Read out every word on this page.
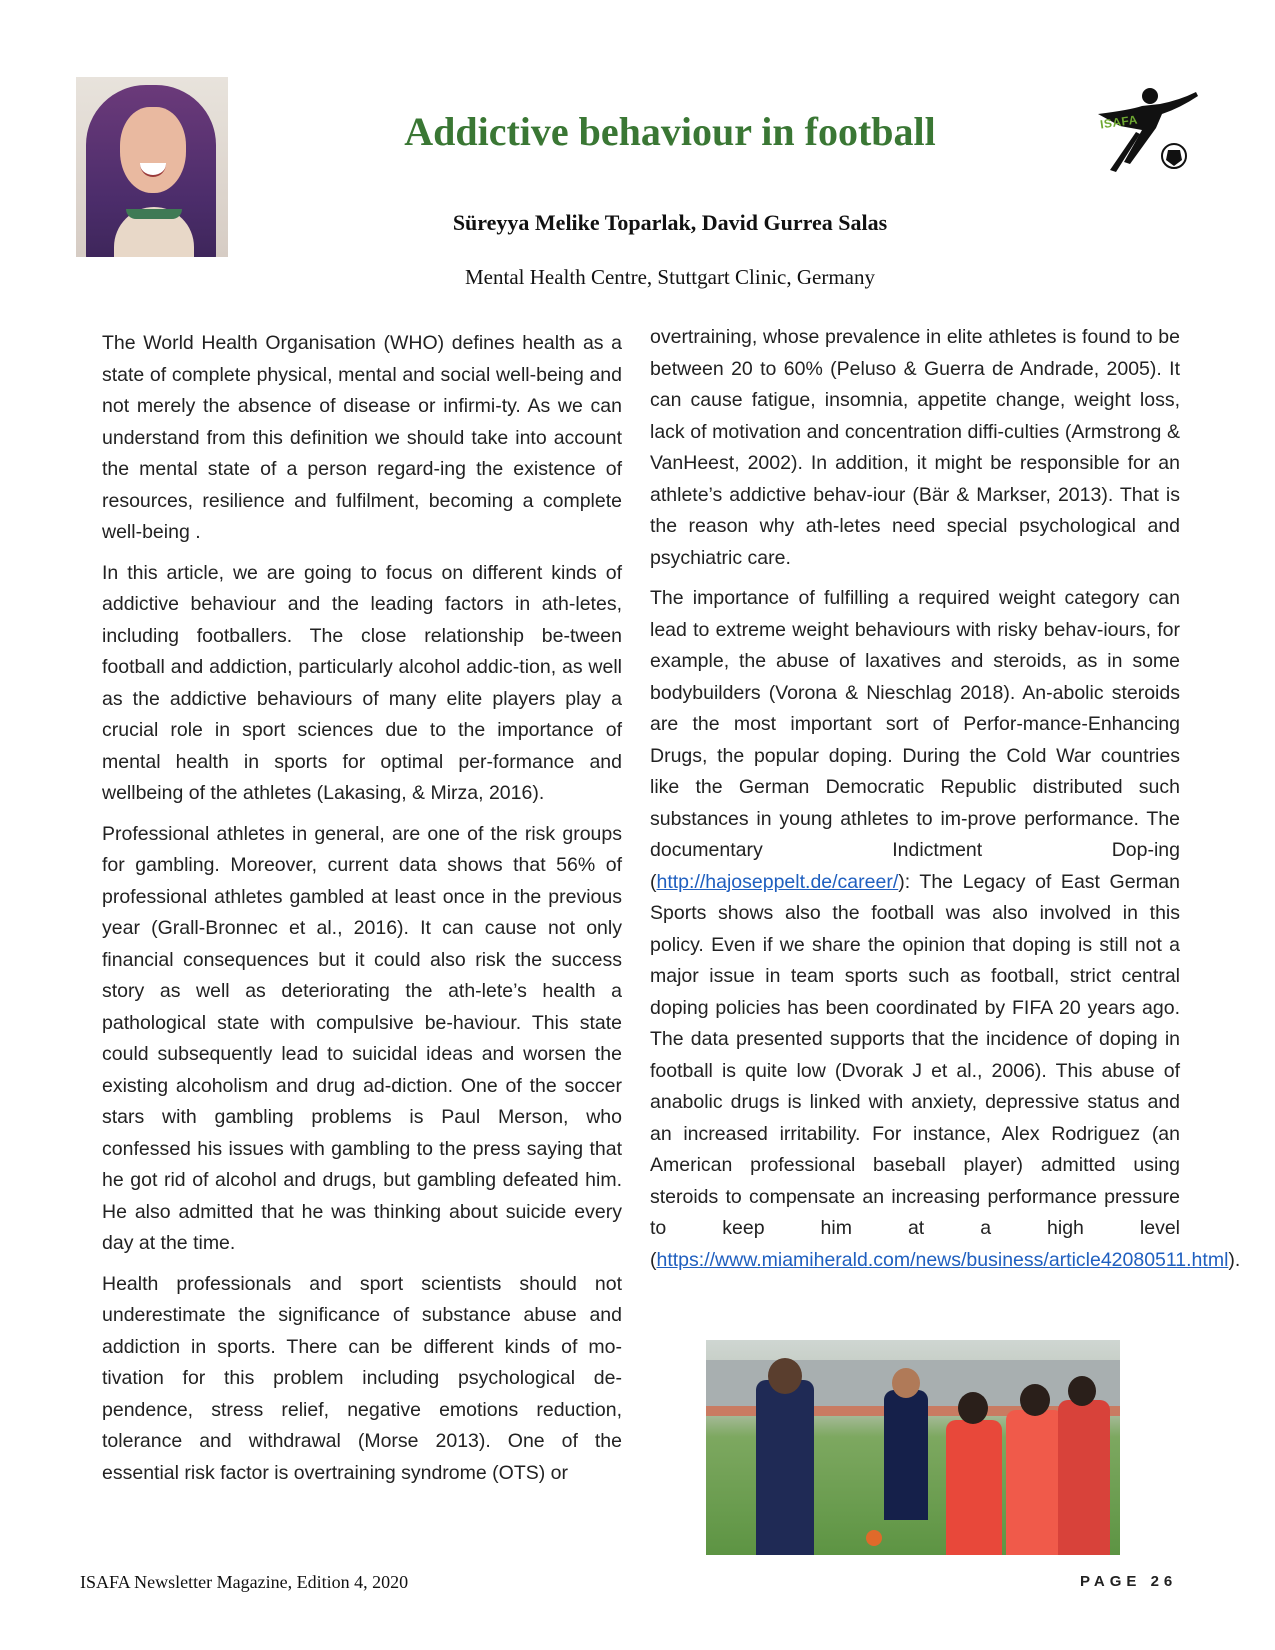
Addictive behaviour in football
Süreyya Melike Toparlak, David Gurrea Salas
Mental Health Centre, Stuttgart Clinic, Germany
ISAFA

The World Health Organisation (WHO) defines health as a state of complete physical, mental and social well-being and not merely the absence of disease or infirmi-ty. As we can understand from this definition we should take into account the mental state of a person regard-ing the existence of resources, resilience and fulfilment, becoming a complete well-being .

In this article, we are going to focus on different kinds of addictive behaviour and the leading factors in ath-letes, including footballers. The close relationship be-tween football and addiction, particularly alcohol addic-tion, as well as the addictive behaviours of many elite players play a crucial role in sport sciences due to the importance of mental health in sports for optimal per-formance and wellbeing of the athletes (Lakasing, & Mirza, 2016).

Professional athletes in general, are one of the risk groups for gambling. Moreover, current data shows that 56% of professional athletes gambled at least once in the previous year (Grall-Bronnec et al., 2016). It can cause not only financial consequences but it could also risk the success story as well as deteriorating the ath-lete’s health a pathological state with compulsive be-haviour. This state could subsequently lead to suicidal ideas and worsen the existing alcoholism and drug ad-diction. One of the soccer stars with gambling problems is Paul Merson, who confessed his issues with gambling to the press saying that he got rid of alcohol and drugs, but gambling defeated him. He also admitted that he was thinking about suicide every day at the time.

Health professionals and sport scientists should not underestimate the significance of substance abuse and addiction in sports. There can be different kinds of mo-tivation for this problem including psychological de-pendence, stress relief, negative emotions reduction, tolerance and withdrawal (Morse 2013). One of the essential risk factor is overtraining syndrome (OTS) or

overtraining, whose prevalence in elite athletes is found to be between 20 to 60% (Peluso & Guerra de Andrade, 2005). It can cause fatigue, insomnia, appetite change, weight loss, lack of motivation and concentration diffi-culties (Armstrong & VanHeest, 2002). In addition, it might be responsible for an athlete’s addictive behav-iour (Bär & Markser, 2013). That is the reason why ath-letes need special psychological and psychiatric care.

The importance of fulfilling a required weight category can lead to extreme weight behaviours with risky behav-iours, for example, the abuse of laxatives and steroids, as in some bodybuilders (Vorona & Nieschlag 2018). An-abolic steroids are the most important sort of Perfor-mance-Enhancing Drugs, the popular doping. During the Cold War countries like the German Democratic Republic distributed such substances in young athletes to im-prove performance. The documentary Indictment Dop-ing (http://hajoseppelt.de/career/): The Legacy of East German Sports shows also the football was also involved in this policy. Even if we share the opinion that doping is still not a major issue in team sports such as football, strict central doping policies has been coordinated by FIFA 20 years ago. The data presented supports that the incidence of doping in football is quite low (Dvorak J et al., 2006). This abuse of anabolic drugs is linked with anxiety, depressive status and an increased irritability. For instance, Alex Rodriguez (an American professional baseball player) admitted using steroids to compensate an increasing performance pressure to keep him at a high level (https://www.miamiherald.com/news/business/article42080511.html).

ISAFA Newsletter Magazine, Edition 4, 2020	PAGE 26
